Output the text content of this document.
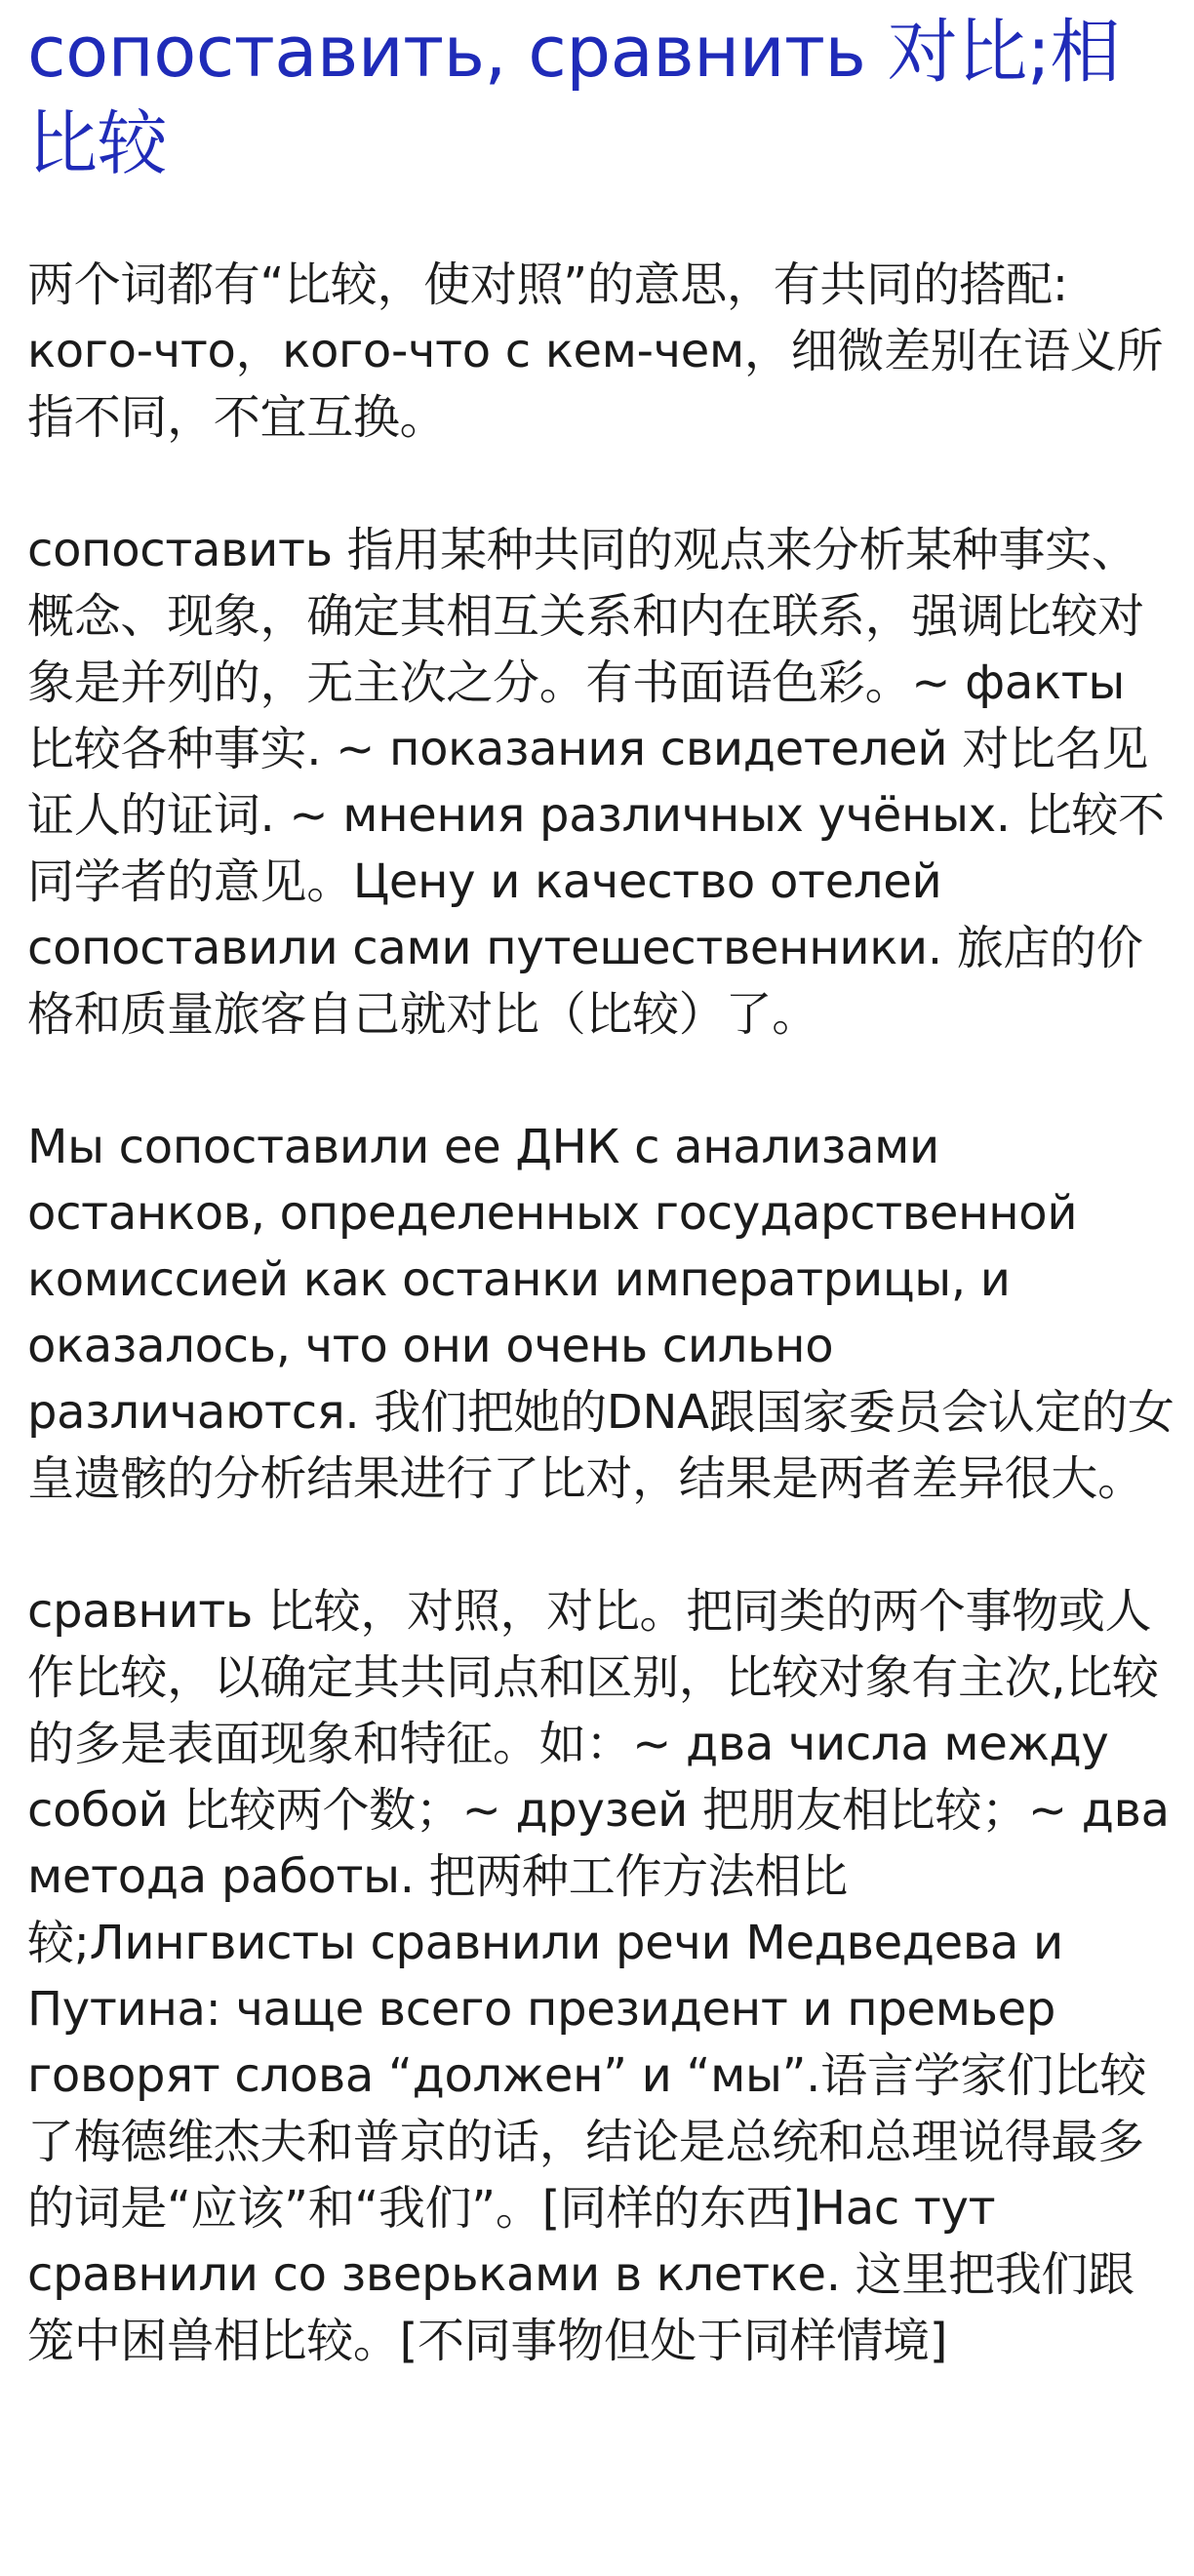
сопоставить, сравнить 对比;相比较

两个词都有“比较，使对照”的意思，有共同的搭配: кого-что，кого-что с кем-чем，细微差别在语义所指不同，不宜互换。

сопоставить 指用某种共同的观点来分析某种事实、概念、现象，确定其相互关系和内在联系，强调比较对象是并列的，无主次之分。有书面语色彩。~ факты 比较各种事实. ~ показания свидетелей 对比名见证人的证词. ~ мнения различных учёных. 比较不同学者的意见。Цену и качество отелей сопоставили сами путешественники. 旅店的价格和质量旅客自己就对比（比较）了。

Мы сопоставили ее ДНК с анализами останков, определенных государственной комиссией как останки императрицы, и оказалось, что они очень сильно различаются. 我们把她的DNA跟国家委员会认定的女皇遗骸的分析结果进行了比对，结果是两者差异很大。

сравнить 比较，对照，对比。把同类的两个事物或人作比较，以确定其共同点和区别，比较对象有主次,比较的多是表面现象和特征。如：~ два числа между собой 比较两个数；~ друзей 把朋友相比较；~ два метода работы. 把两种工作方法相比较;Лингвисты сравнили речи Медведева и Путина: чаще всего президент и премьер говорят слова “должен” и “мы”.语言学家们比较了梅德维杰夫和普京的话，结论是总统和总理说得最多的词是“应该”和“我们”。[同样的东西]Нас тут сравнили со зверьками в клетке. 这里把我们跟笼中困兽相比较。[不同事物但处于同样情境]
